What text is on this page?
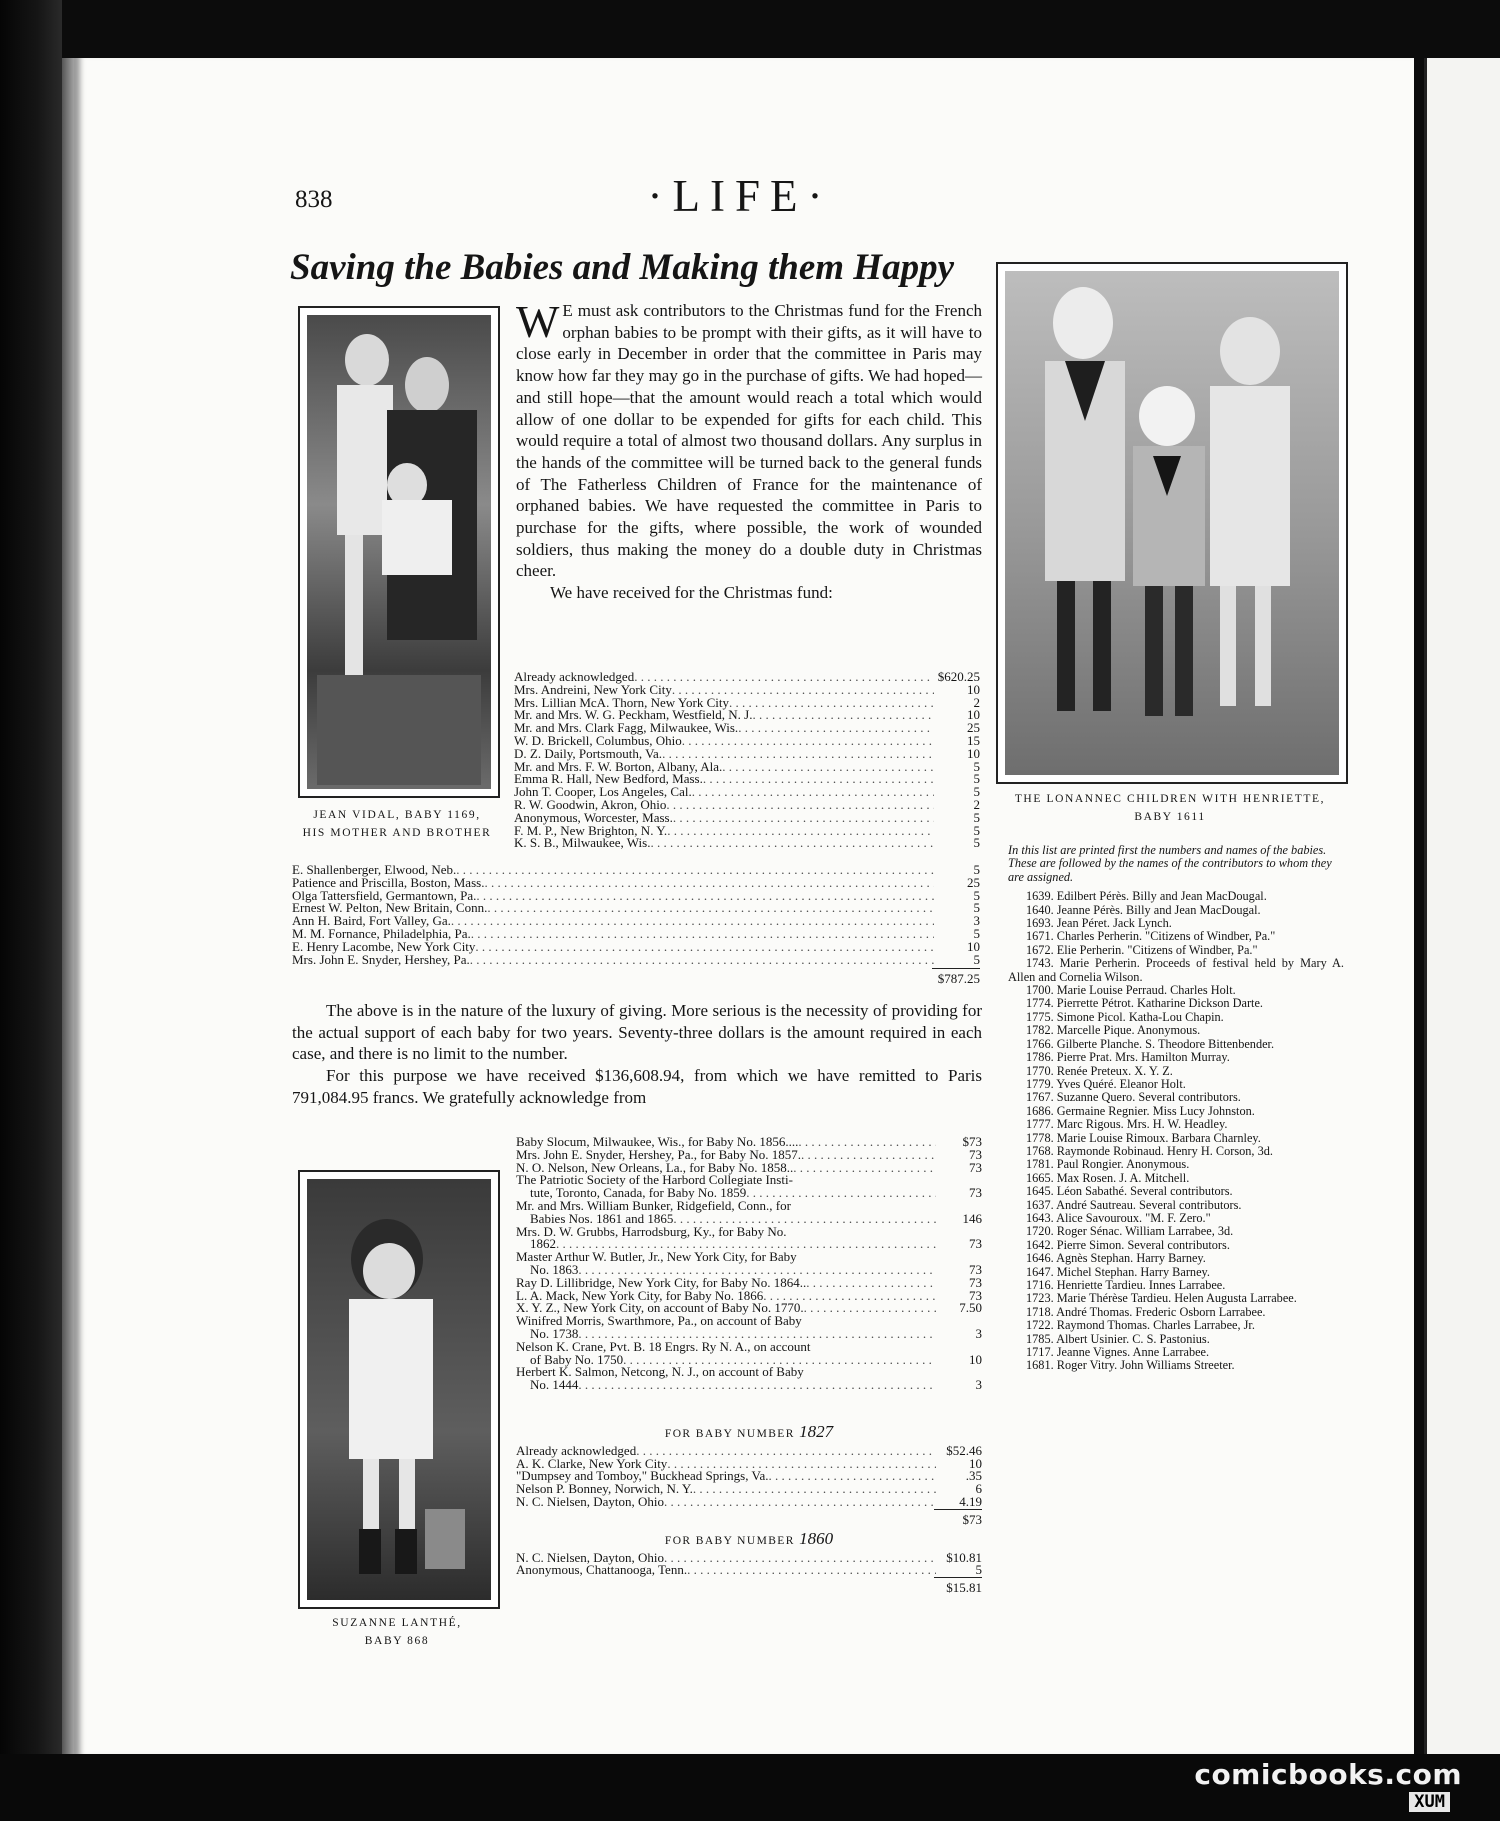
comicbooks.com
XUM
838	·LIFE·
Saving the Babies and Making them Happy
JEAN VIDAL, BABY 1169,
HIS MOTHER AND BROTHER
W E must ask contributors to the Christmas fund for the French orphan babies to be prompt with their gifts, as it will have to close early in December in order that the committee in Paris may know how far they may go in the purchase of gifts. We had hoped—and still hope—that the amount would reach a total which would allow of one dollar to be expended for gifts for each child. This would require a total of almost two thousand dollars. Any surplus in the hands of the committee will be turned back to the general funds of The Fatherless Children of France for the maintenance of orphaned babies. We have requested the committee in Paris to purchase for the gifts, where possible, the work of wounded soldiers, thus making the money do a double duty in Christmas cheer.

We have received for the Christmas fund:

Already acknowledged . . .	$620.25
Mrs. Andreini, New York City . . .	10
Mrs. Lillian McA. Thorn, New York City . . .	2
Mr. and Mrs. W. G. Peckham, Westfield, N. J. . . .	10
Mr. and Mrs. Clark Fagg, Milwaukee, Wis. . . .	25
W. D. Brickell, Columbus, Ohio . . .	15
D. Z. Daily, Portsmouth, Va. . . .	10
Mr. and Mrs. F. W. Borton, Albany, Ala. . . .	5
Emma R. Hall, New Bedford, Mass. . . .	5
John T. Cooper, Los Angeles, Cal. . . .	5
R. W. Goodwin, Akron, Ohio . . .	2
Anonymous, Worcester, Mass. . . .	5
F. M. P., New Brighton, N. Y. . . .	5
K. S. B., Milwaukee, Wis. . . .	5
E. Shallenberger, Elwood, Neb. . . .	5
Patience and Priscilla, Boston, Mass. . . .	25
Olga Tattersfield, Germantown, Pa. . . .	5
Ernest W. Pelton, New Britain, Conn. . . .	5
Ann H. Baird, Fort Valley, Ga. . . .	3
M. M. Fornance, Philadelphia, Pa. . . .	5
E. Henry Lacombe, New York City . . .	10
Mrs. John E. Snyder, Hershey, Pa. . . .	5
$787.25

The above is in the nature of the luxury of giving. More serious is the necessity of providing for the actual support of each baby for two years. Seventy-three dollars is the amount required in each case, and there is no limit to the number.

For this purpose we have received $136,608.94, from which we have remitted to Paris 791,084.95 francs. We gratefully acknowledge from

SUZANNE LANTHÉ,
BABY 868
Baby Slocum, Milwaukee, Wis., for Baby No. 1856.... . . .	$73
Mrs. John E. Snyder, Hershey, Pa., for Baby No. 1857. . . .	73
N. O. Nelson, New Orleans, La., for Baby No. 1858.. . . .	73
The Patriotic Society of the Harbord Collegiate Insti-
tute, Toronto, Canada, for Baby No. 1859 . . .	73
Mr. and Mrs. William Bunker, Ridgefield, Conn., for
Babies Nos. 1861 and 1865 . . .	146
Mrs. D. W. Grubbs, Harrodsburg, Ky., for Baby No.
1862 . . .	73
Master Arthur W. Butler, Jr., New York City, for Baby
No. 1863 . . .	73
Ray D. Lillibridge, New York City, for Baby No. 1864.. . . .	73
L. A. Mack, New York City, for Baby No. 1866 . . .	73
X. Y. Z., New York City, on account of Baby No. 1770. . . .	7.50
Winifred Morris, Swarthmore, Pa., on account of Baby
No. 1738 . . .	3
Nelson K. Crane, Pvt. B. 18 Engrs. Ry N. A., on account
of Baby No. 1750 . . .	10
Herbert K. Salmon, Netcong, N. J., on account of Baby
No. 1444 . . .	3
FOR BABY NUMBER 1827
Already acknowledged . . .	$52.46
A. K. Clarke, New York City . . .	10
"Dumpsey and Tomboy," Buckhead Springs, Va. . . .	.35
Nelson P. Bonney, Norwich, N. Y. . . .	6
N. C. Nielsen, Dayton, Ohio . . .	4.19
$73
FOR BABY NUMBER 1860
N. C. Nielsen, Dayton, Ohio . . .	$10.81
Anonymous, Chattanooga, Tenn. . . .	5
$15.81
THE LONANNEC CHILDREN WITH HENRIETTE,
BABY 1611
In this list are printed first the numbers and names of the babies. These are followed by the names of the contributors to whom they are assigned.

1639. Edilbert Pérès. Billy and Jean MacDougal.

1640. Jeanne Pérès. Billy and Jean MacDougal.

1693. Jean Péret. Jack Lynch.

1671. Charles Perherin. "Citizens of Windber, Pa."

1672. Elie Perherin. "Citizens of Windber, Pa."

1743. Marie Perherin. Proceeds of festival held by Mary A. Allen and Cornelia Wilson.

1700. Marie Louise Perraud. Charles Holt.

1774. Pierrette Pétrot. Katharine Dickson Darte.

1775. Simone Picol. Katha-Lou Chapin.

1782. Marcelle Pique. Anonymous.

1766. Gilberte Planche. S. Theodore Bittenbender.

1786. Pierre Prat. Mrs. Hamilton Murray.

1770. Renée Preteux. X. Y. Z.

1779. Yves Quéré. Eleanor Holt.

1767. Suzanne Quero. Several contributors.

1686. Germaine Regnier. Miss Lucy Johnston.

1777. Marc Rigous. Mrs. H. W. Headley.

1778. Marie Louise Rimoux. Barbara Charnley.

1768. Raymonde Robinaud. Henry H. Corson, 3d.

1781. Paul Rongier. Anonymous.

1665. Max Rosen. J. A. Mitchell.

1645. Léon Sabathé. Several contributors.

1637. André Sautreau. Several contributors.

1643. Alice Savouroux. "M. F. Zero."

1720. Roger Sénac. William Larrabee, 3d.

1642. Pierre Simon. Several contributors.

1646. Agnès Stephan. Harry Barney.

1647. Michel Stephan. Harry Barney.

1716. Henriette Tardieu. Innes Larrabee.

1723. Marie Thérèse Tardieu. Helen Augusta Larrabee.

1718. André Thomas. Frederic Osborn Larrabee.

1722. Raymond Thomas. Charles Larrabee, Jr.

1785. Albert Usinier. C. S. Pastonius.

1717. Jeanne Vignes. Anne Larrabee.

1681. Roger Vitry. John Williams Streeter.
